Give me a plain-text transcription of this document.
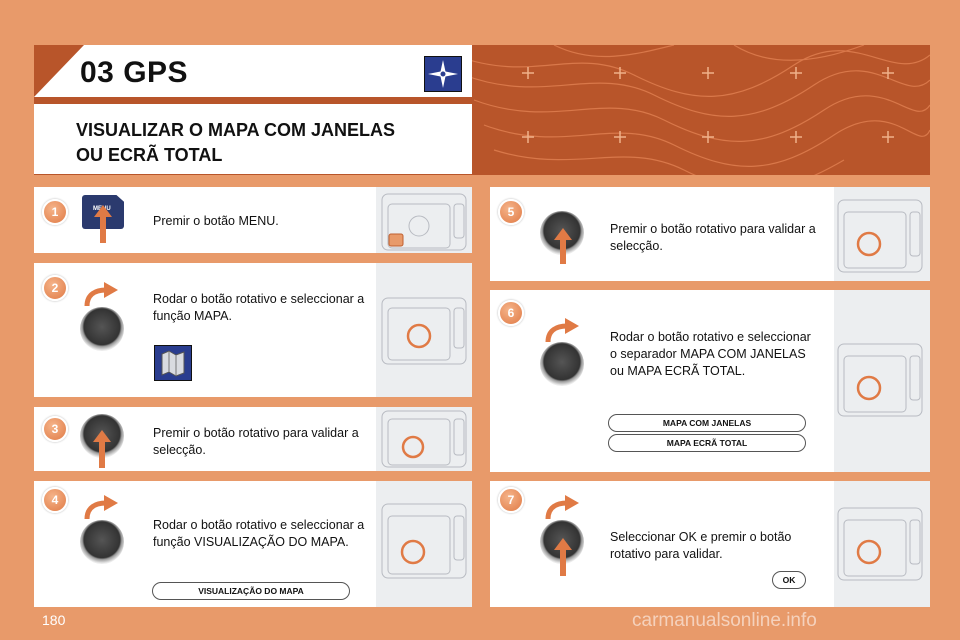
03 GPS
VISUALIZAR O MAPA COM JANELAS
OU ECRÃ TOTAL
1
2
3
4
5
6
7
MENU
Premir o botão MENU.
Rodar o botão rotativo e seleccionar a função MAPA.
Premir o botão rotativo para validar a selecção.
Rodar o botão rotativo e seleccionar a função VISUALIZAÇÃO DO MAPA.
VISUALIZAÇÃO DO MAPA
Premir o botão rotativo para validar a selecção.
Rodar o botão rotativo e seleccionar o separador MAPA COM JANELAS ou MAPA ECRÃ TOTAL.
MAPA COM JANELAS
MAPA ECRÃ TOTAL
Seleccionar OK e premir o botão rotativo para validar.
OK
180	carmanualsonline.info
